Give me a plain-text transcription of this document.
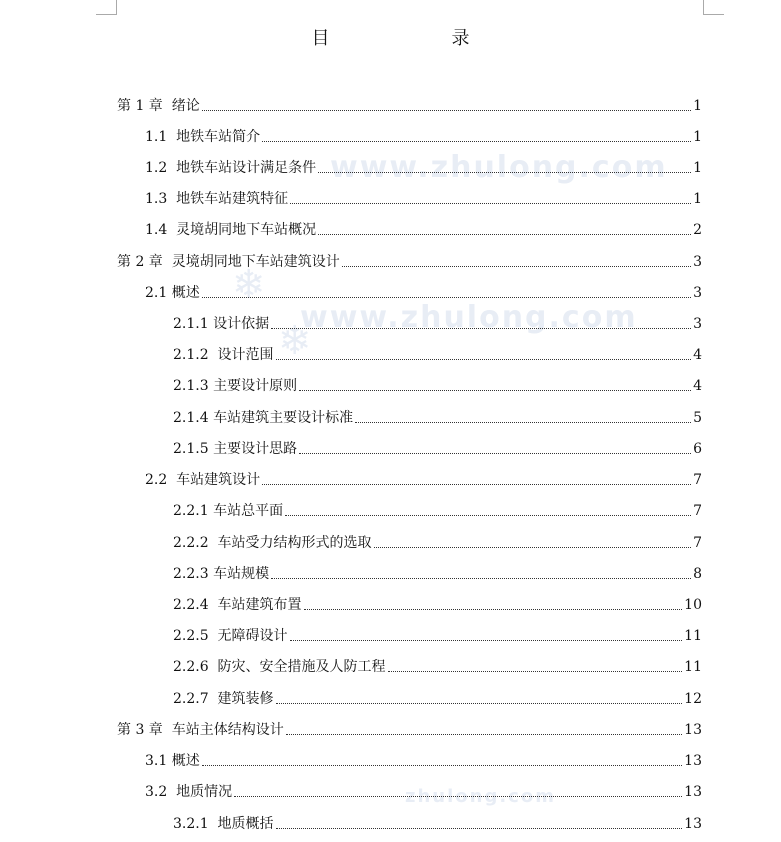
www.zhulong.com
❄
www.zhulong.com
❄
zhulong.com
目　录
第 1 章  绪论	1
1.1  地铁车站简介	1
1.2  地铁车站设计满足条件	1
1.3  地铁车站建筑特征	1
1.4  灵境胡同地下车站概况	2
第 2 章  灵境胡同地下车站建筑设计	3
2.1 概述	3
2.1.1 设计依据	3
2.1.2  设计范围	4
2.1.3 主要设计原则	4
2.1.4 车站建筑主要设计标准	5
2.1.5 主要设计思路	6
2.2  车站建筑设计	7
2.2.1 车站总平面	7
2.2.2  车站受力结构形式的选取	7
2.2.3 车站规模	8
2.2.4  车站建筑布置	10
2.2.5  无障碍设计	11
2.2.6  防灾、安全措施及人防工程	11
2.2.7  建筑装修	12
第 3 章  车站主体结构设计	13
3.1 概述	13
3.2  地质情况	13
3.2.1  地质概括	13
